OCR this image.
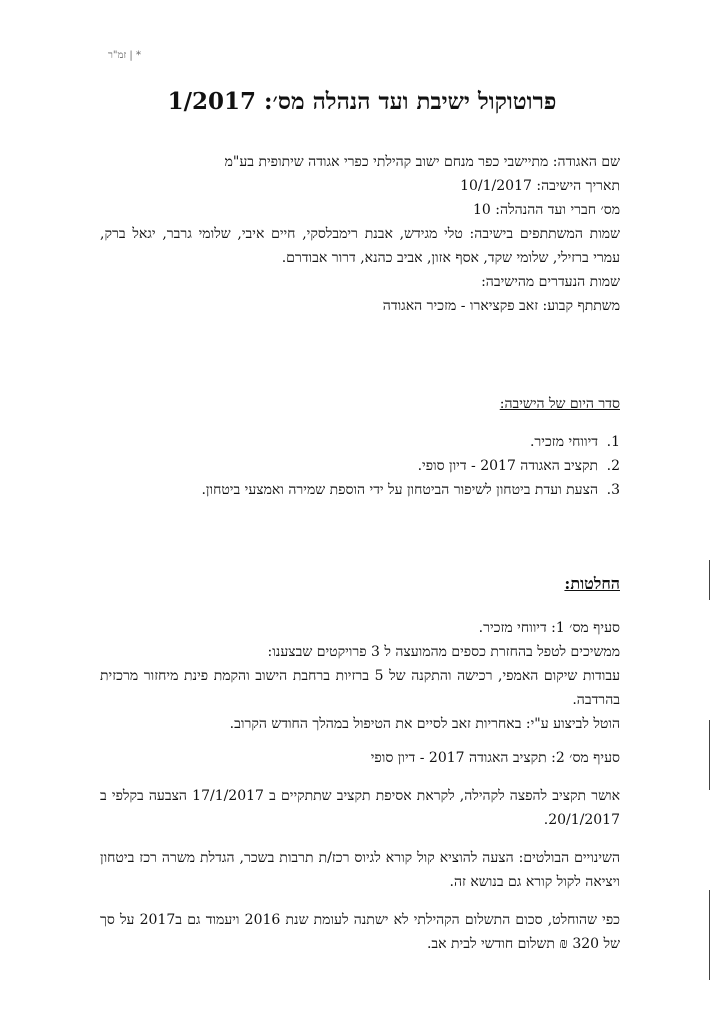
* | זמ"ר
פרוטוקול ישיבת ועד הנהלה מס׳: 1/2017

שם האגודה: מתיישבי כפר מנחם ישוב קהילתי כפרי אגודה שיתופית בע"מ

תאריך הישיבה: 10/1/2017

מס׳ חברי ועד ההנהלה: 10

שמות המשתתפים בישיבה: טלי מגידש, אבנת רימבלסקי, חיים איבי, שלומי גרבר, יגאל ברק, עמרי ברזילי, שלומי שקד, אסף אזון, אביב כהנא, דרור אבודרם.

שמות הנעדרים מהישיבה:

משתתף קבוע: זאב פקציארו - מזכיר האגודה

סדר היום של הישיבה:

1.
דיווחי מזכיר.
2.
תקציב האגודה 2017 - דיון סופי.
3.
הצעת ועדת ביטחון לשיפור הביטחון על ידי הוספת שמירה ואמצעי ביטחון.

החלטות:

סעיף מס׳ 1: דיווחי מזכיר.

ממשיכים לטפל בהחזרת כספים מהמועצה ל 3 פרויקטים שבצענו:

עבודות שיקום האמפי, רכישה והתקנה של 5 ברזיות ברחבת הישוב והקמת פינת מיחזור מרכזית בהרדבה.

הוטל לביצוע ע"י: באחריות זאב לסיים את הטיפול במהלך החודש הקרוב.

סעיף מס׳ 2: תקציב האגודה 2017 - דיון סופי

אושר תקציב להפצה לקהילה, לקראת אסיפת תקציב שתתקיים ב 17/1/2017 הצבעה בקלפי ב 20/1/2017.

השינויים הבולטים: הצעה להוציא קול קורא לגיוס רכז/ת תרבות בשכר, הגדלת משרה רכז ביטחון ויציאה לקול קורא גם בנושא זה.

כפי שהוחלט, סכום התשלום הקהילתי לא ישתנה לעומת שנת 2016 ויעמוד גם ב2017 על סך של 320 ₪ תשלום חודשי לבית אב.
